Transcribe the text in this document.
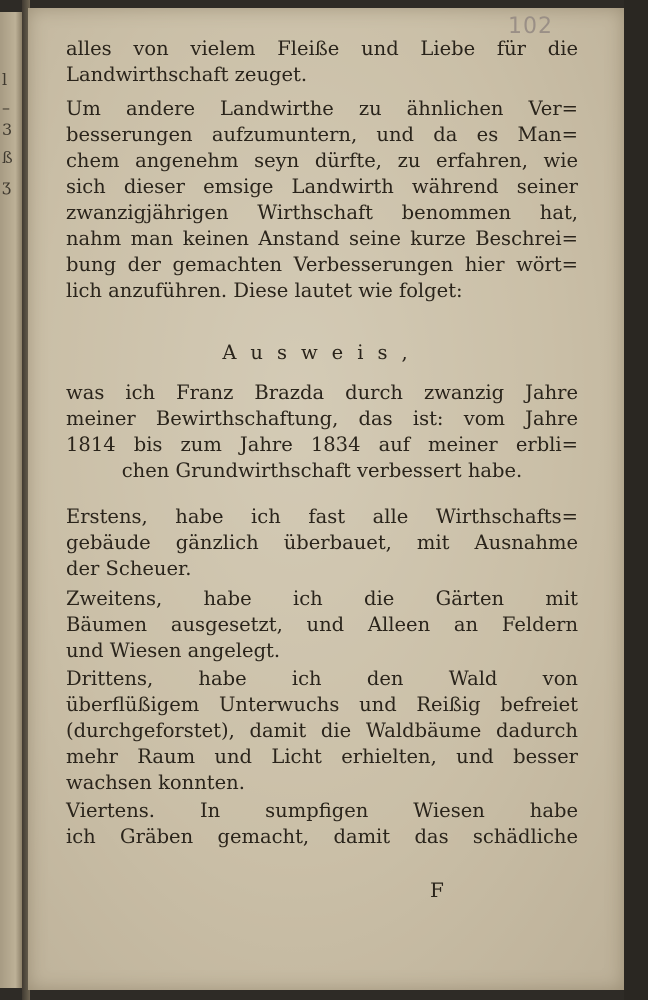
l
–
3
ß
ʒ
102
alles von vielem Fleiße und Liebe für die
Landwirthschaft zeuget.
Um andere Landwirthe zu ähnlichen Ver=
besserungen aufzumuntern, und da es Man=
chem angenehm seyn dürfte, zu erfahren, wie
sich dieser emsige Landwirth während seiner
zwanzigjährigen Wirthschaft benommen hat,
nahm man keinen Anstand seine kurze Beschrei=
bung der gemachten Verbesserungen hier wört=
lich anzuführen. Diese lautet wie folget:
Ausweis,
was ich Franz Brazda durch zwanzig Jahre
meiner Bewirthschaftung, das ist: vom Jahre
1814 bis zum Jahre 1834 auf meiner erbli=
chen Grundwirthschaft verbessert habe.
Erstens, habe ich fast alle Wirthschafts=
gebäude gänzlich überbauet, mit Ausnahme
der Scheuer.
Zweitens, habe ich die Gärten mit
Bäumen ausgesetzt, und Alleen an Feldern
und Wiesen angelegt.
Drittens, habe ich den Wald von
überflüßigem Unterwuchs und Reißig befreiet
(durchgeforstet), damit die Waldbäume dadurch
mehr Raum und Licht erhielten, und besser
wachsen konnten.
Viertens. In sumpfigen Wiesen habe
ich Gräben gemacht, damit das schädliche
F
